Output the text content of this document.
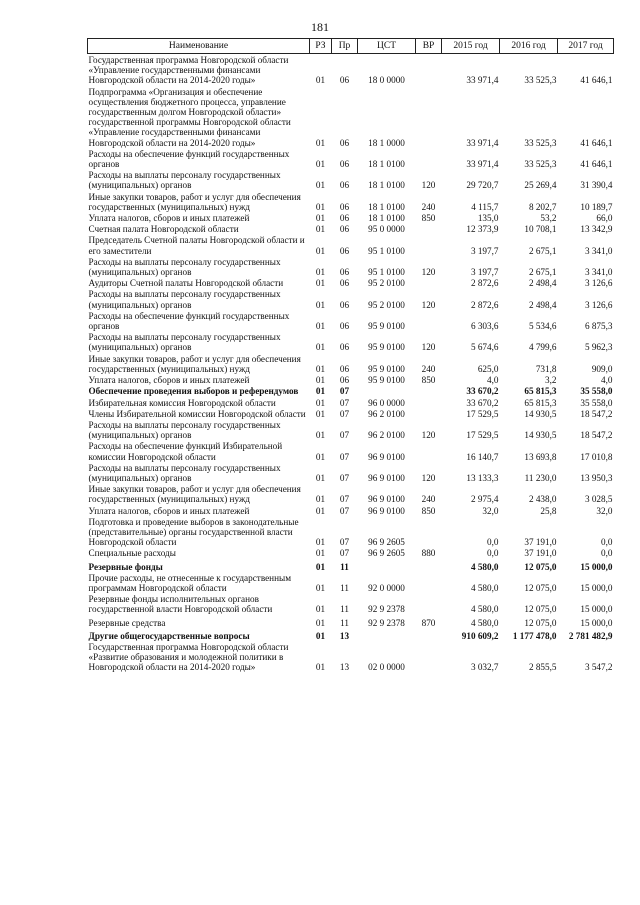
181
Наименование	РЗ	Пр	ЦСТ	ВР	2015 год	2016 год	2017 год
Государственная программа Новгородской области «Управление государственными финансами Новгородской области на 2014-2020 годы»	01	06	18 0 0000		33 971,4	33 525,3	41 646,1
Подпрограмма «Организация и обеспечение осуществления бюджетного процесса, управление государственным долгом Новгородской области» государственной программы Новгородской области «Управление государственными финансами Новгородской области на 2014-2020 годы»	01	06	18 1 0000		33 971,4	33 525,3	41 646,1
Расходы на обеспечение функций государственных органов	01	06	18 1 0100		33 971,4	33 525,3	41 646,1
Расходы на выплаты персоналу государственных (муниципальных) органов	01	06	18 1 0100	120	29 720,7	25 269,4	31 390,4
Иные закупки товаров, работ и услуг для обеспечения государственных (муниципальных) нужд	01	06	18 1 0100	240	4 115,7	8 202,7	10 189,7
Уплата налогов, сборов и иных платежей	01	06	18 1 0100	850	135,0	53,2	66,0
Счетная палата Новгородской области	01	06	95 0 0000		12 373,9	10 708,1	13 342,9
Председатель Счетной палаты Новгородской области и его заместители	01	06	95 1 0100		3 197,7	2 675,1	3 341,0
Расходы на выплаты персоналу государственных (муниципальных) органов	01	06	95 1 0100	120	3 197,7	2 675,1	3 341,0
Аудиторы Счетной палаты Новгородской области	01	06	95 2 0100		2 872,6	2 498,4	3 126,6
Расходы на выплаты персоналу государственных (муниципальных) органов	01	06	95 2 0100	120	2 872,6	2 498,4	3 126,6
Расходы на обеспечение функций государственных органов	01	06	95 9 0100		6 303,6	5 534,6	6 875,3
Расходы на выплаты персоналу государственных (муниципальных) органов	01	06	95 9 0100	120	5 674,6	4 799,6	5 962,3
Иные закупки товаров, работ и услуг для обеспечения государственных (муниципальных) нужд	01	06	95 9 0100	240	625,0	731,8	909,0
Уплата налогов, сборов и иных платежей	01	06	95 9 0100	850	4,0	3,2	4,0
Обеспечение проведения выборов и референдумов	01	07			33 670,2	65 815,3	35 558,0
Избирательная комиссия Новгородской области	01	07	96 0 0000		33 670,2	65 815,3	35 558,0
Члены Избирательной комиссии Новгородской области	01	07	96 2 0100		17 529,5	14 930,5	18 547,2
Расходы на выплаты персоналу государственных (муниципальных) органов	01	07	96 2 0100	120	17 529,5	14 930,5	18 547,2
Расходы на обеспечение функций Избирательной комиссии Новгородской области	01	07	96 9 0100		16 140,7	13 693,8	17 010,8
Расходы на выплаты персоналу государственных (муниципальных) органов	01	07	96 9 0100	120	13 133,3	11 230,0	13 950,3
Иные закупки товаров, работ и услуг для обеспечения государственных (муниципальных) нужд	01	07	96 9 0100	240	2 975,4	2 438,0	3 028,5
Уплата налогов, сборов и иных платежей	01	07	96 9 0100	850	32,0	25,8	32,0
Подготовка и проведение выборов в законодательные (представительные) органы государственной власти Новгородской области	01	07	96 9 2605		0,0	37 191,0	0,0
Специальные расходы	01	07	96 9 2605	880	0,0	37 191,0	0,0
Резервные фонды	01	11			4 580,0	12 075,0	15 000,0
Прочие расходы, не отнесенные к государственным программам Новгородской области	01	11	92 0 0000		4 580,0	12 075,0	15 000,0
Резервные фонды исполнительных органов государственной власти Новгородской области	01	11	92 9 2378		4 580,0	12 075,0	15 000,0
Резервные средства	01	11	92 9 2378	870	4 580,0	12 075,0	15 000,0
Другие общегосударственные вопросы	01	13			910 609,2	1 177 478,0	2 781 482,9
Государственная программа Новгородской области «Развитие образования и молодежной политики в Новгородской области на 2014-2020 годы»	01	13	02 0 0000		3 032,7	2 855,5	3 547,2
